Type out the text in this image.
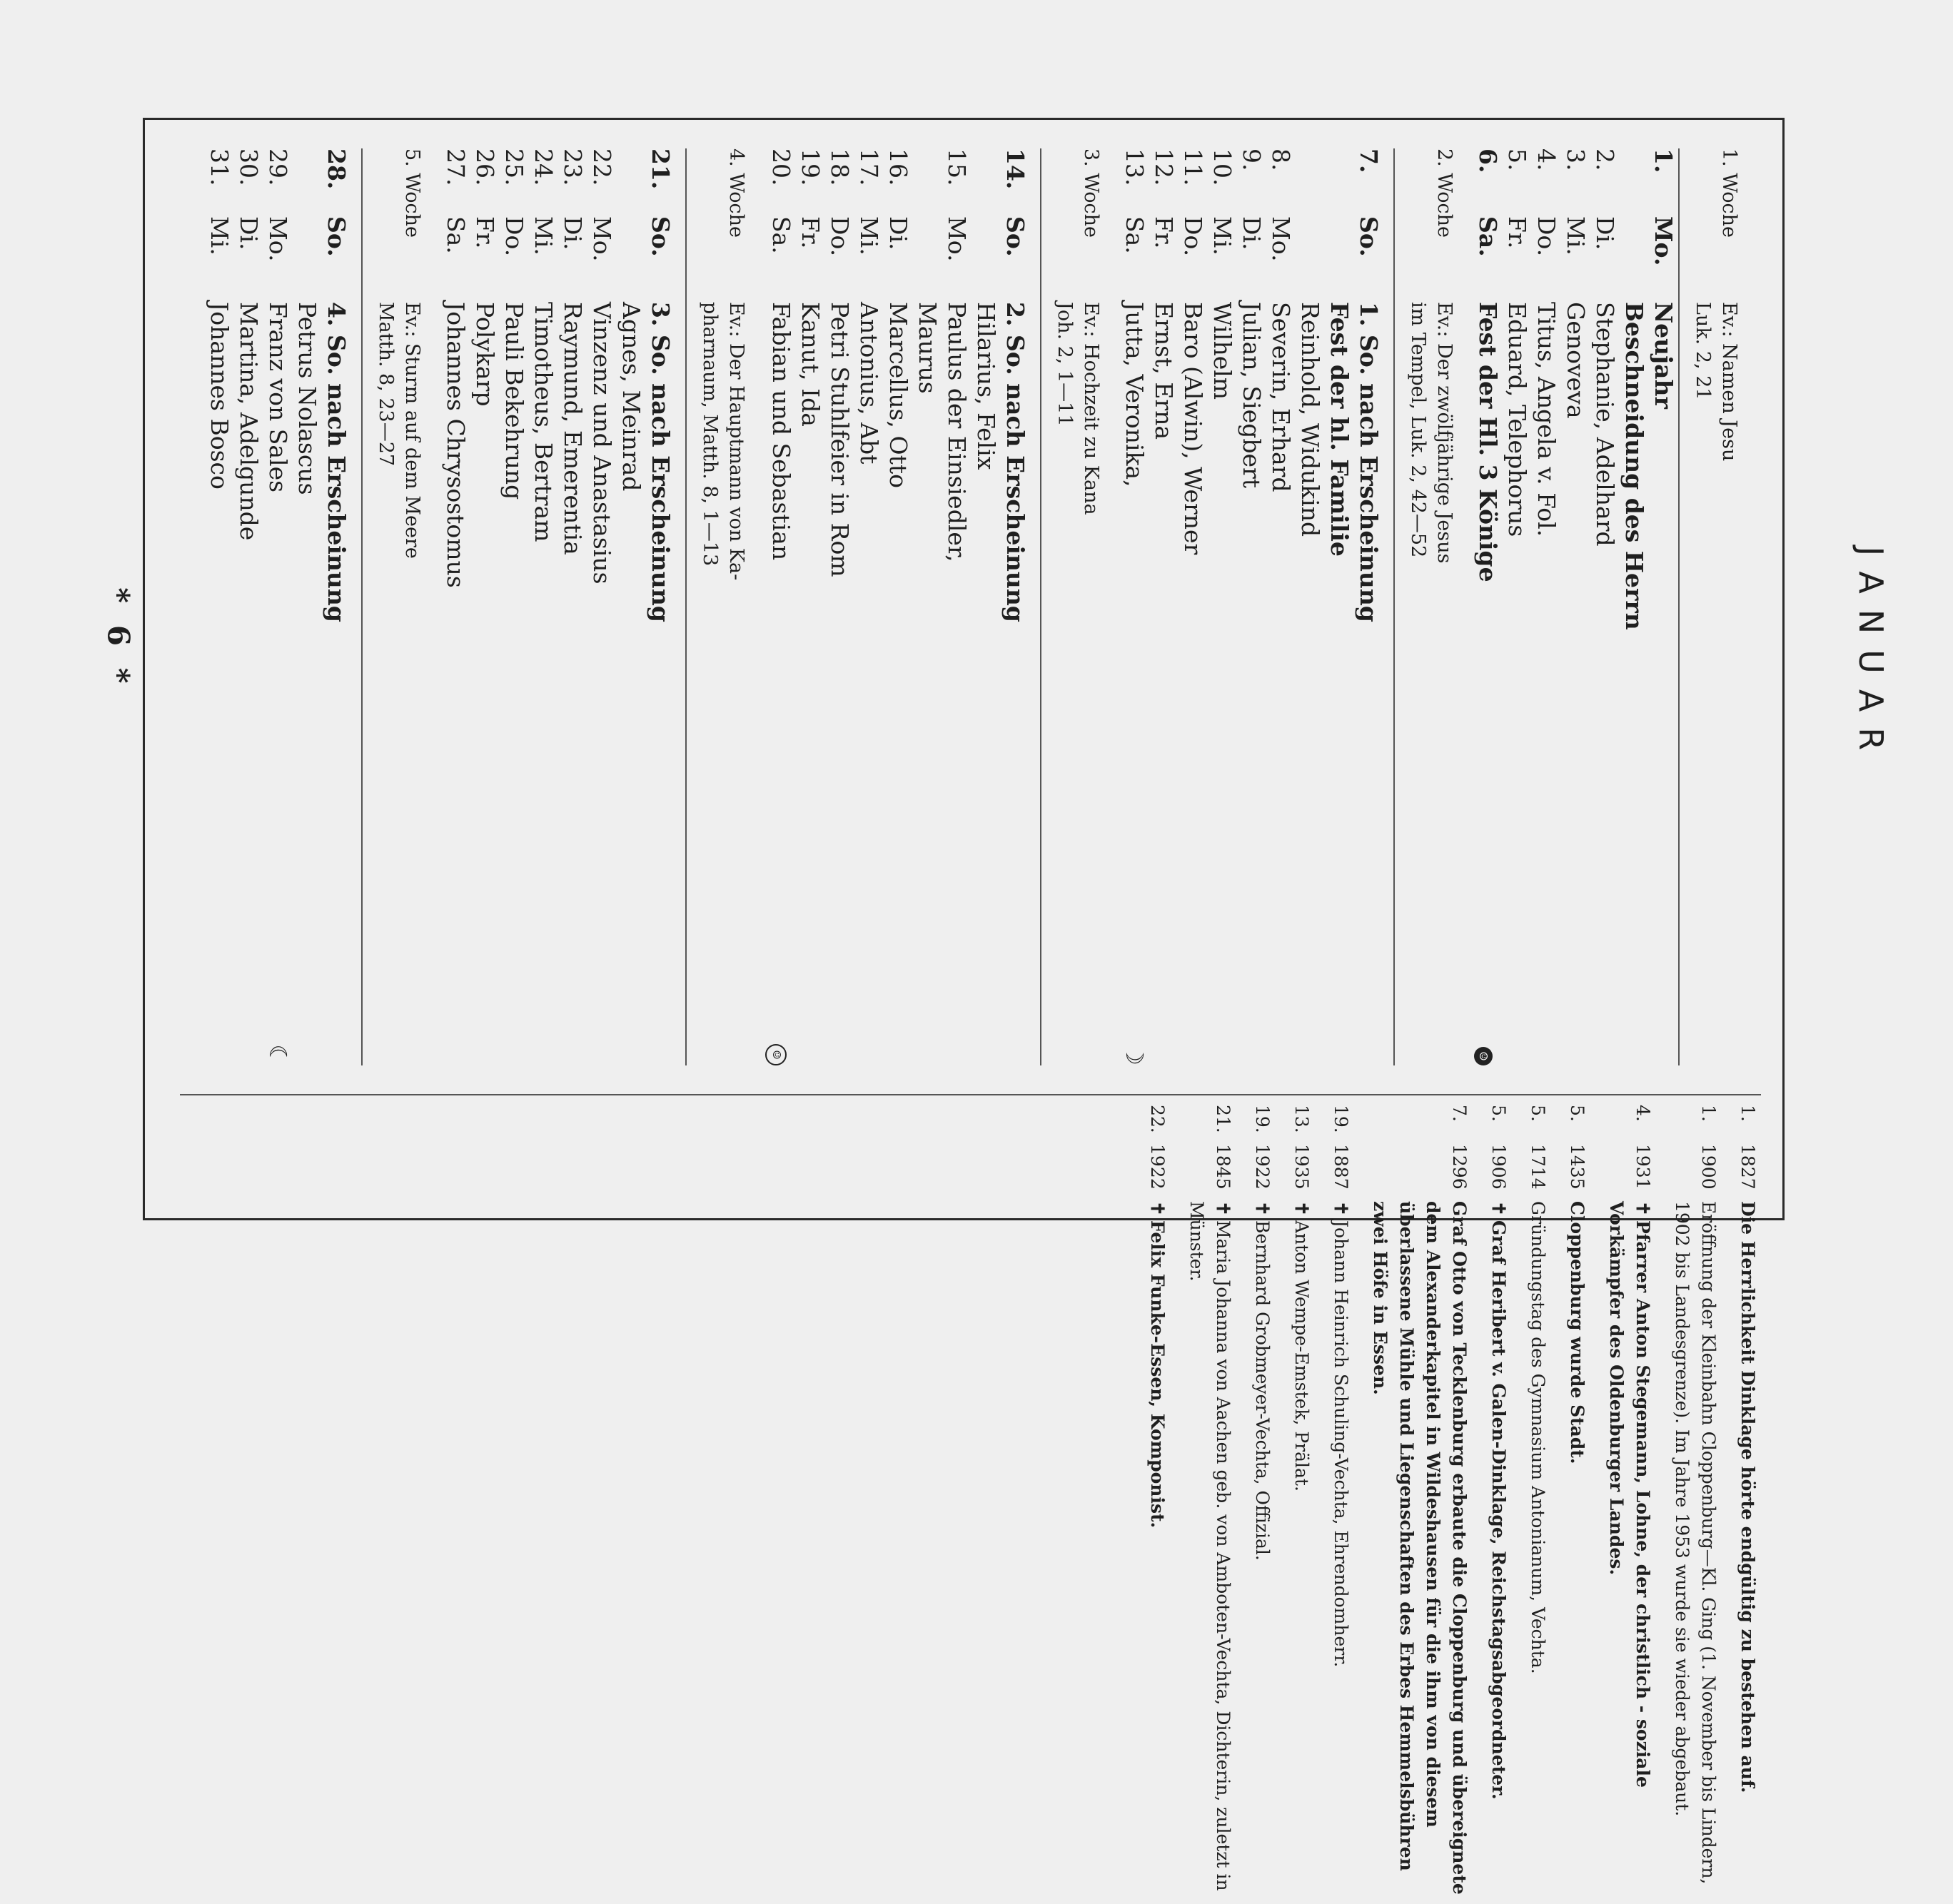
JANUAR
1. Woche
Ev.: Namen Jesu
Luk. 2, 21
1.
Mo.
Neujahr
Beschneidung des Herrn
2.
Di.
Stephanie, Adelhard
3.
Mi.
Genoveva
4.
Do.
Titus, Angela v. Fol.
5.
Fr.
Eduard, Telephorus
6.
Sa.
Fest der Hl. 3 Könige
☺
2. Woche
Ev.: Der zwölfjährige Jesus
im Tempel, Luk. 2, 42—52
7.
So.
1. So. nach Erscheinung
Fest der hl. Familie
Reinhold, Widukind
8.
Mo.
Severin, Erhard
9.
Di.
Julian, Siegbert
10.
Mi.
Wilhelm
11.
Do.
Baro (Alwin), Werner
12.
Fr.
Ernst, Erna
13.
Sa.
Jutta, Veronika,
☽
3. Woche
Ev.: Hochzeit zu Kana
Joh. 2, 1—11
14.
So.
2. So. nach Erscheinung
Hilarius, Felix
15.
Mo.
Paulus der Einsiedler,
Maurus
16.
Di.
Marcellus, Otto
17.
Mi.
Antonius, Abt
18.
Do.
Petri Stuhlfeier in Rom
19.
Fr.
Kanut, Ida
20.
Sa.
Fabian und Sebastian
☺
4. Woche
Ev.: Der Hauptmann von Ka-
pharnaum, Matth. 8, 1—13
21.
So.
3. So. nach Erscheinung
Agnes, Meinrad
22.
Mo.
Vinzenz und Anastasius
23.
Di.
Raymund, Emerentia
24.
Mi.
Timotheus, Bertram
25.
Do.
Pauli Bekehrung
26.
Fr.
Polykarp
27.
Sa.
Johannes Chrysostomus
5. Woche
Ev.: Sturm auf dem Meere
Matth. 8, 23—27
28.
So.
4. So. nach Erscheinung
Petrus Nolascus
29.
Mo.
Franz von Sales
☾
30.
Di.
Martina, Adelgunde
31.
Mi.
Johannes Bosco
1.
1827
Die Herrlichkeit Dinklage hörte endgültig zu bestehen auf.
1.
1900
Eröffnung der Kleinbahn Cloppenburg—Kl. Ging (1. November bis Lindern, 1902 bis Landesgrenze). Im Jahre 1953 wurde sie wieder abgebaut.
4.
1931
✝Pfarrer Anton Stegemann, Lohne, der christlich - soziale Vorkämpfer des Oldenburger Landes.
5.
1435
Cloppenburg wurde Stadt.
5.
1714
Gründungstag des Gymnasium Antonianum, Vechta.
5.
1906
✝Graf Heribert v. Galen-Dinklage, Reichstagsabgeordneter.
7.
1296
Graf Otto von Tecklenburg erbaute die Cloppenburg und übereignete dem Alexanderkapitel in Wildeshausen für die ihm von diesem überlassene Mühle und Liegenschaften des Erbes Hemmelsbühren zwei Höfe in Essen.
19.
1887
✝Johann Heinrich Schuling-Vechta, Ehrendomherr.
13.
1935
✝Anton Wempe-Emstek, Prälat.
19.
1922
✝Bernhard Grobmeyer-Vechta, Offizial.
21.
1845
✝Maria Johanna von Aachen geb. von Amboten-Vechta, Dichterin, zuletzt in Münster.
22.
1922
✝Felix Funke-Essen, Komponist.
* 6 *
